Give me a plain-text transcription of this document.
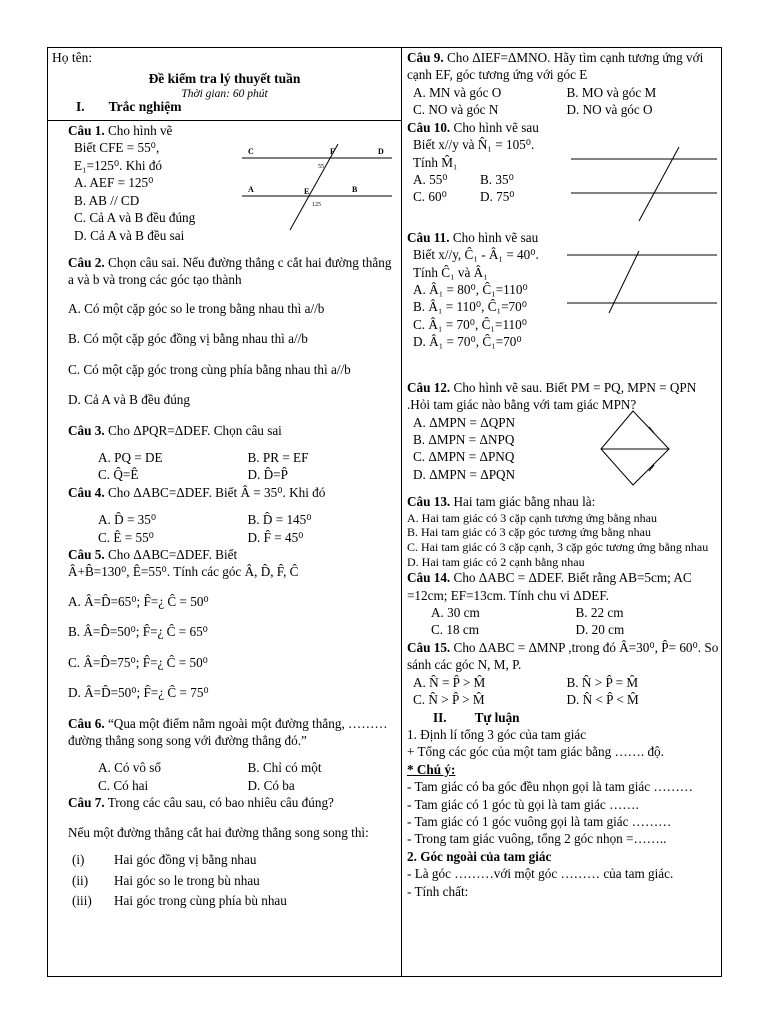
Họ tên:
Đề kiểm tra lý thuyết tuần
Thời gian: 60 phút
I. Trắc nghiệm
Câu 1. Cho hình vẽ
Biết CFE = 55⁰,
E₁=125⁰. Khi đó
A. AEF = 125⁰
B. AB // CD
C. Cả A và B đều đúng
D. Cả A và B đều sai
C	F	D
A	E	B
55
125
Câu 2. Chọn câu sai. Nếu đường thẳng c cắt hai đường thẳng a và b và trong các góc tạo thành
A. Có một cặp góc so le trong bằng nhau thì a//b
B. Có một cặp góc đồng vị bằng nhau thì a//b
C. Có một cặp góc trong cùng phía bằng nhau thì a//b
D. Cả A và B đều đúng
Câu 3. Cho ΔPQR=ΔDEF. Chọn câu sai
A. PQ = DE	B. PR = EF
C. Q̂=Ê	D. D̂=P̂
Câu 4. Cho ΔABC=ΔDEF. Biết Â = 35⁰. Khi đó
A. D̂ = 35⁰	B. D̂ = 145⁰
C. Ê = 55⁰	D. F̂ = 45⁰
Câu 5. Cho ΔABC=ΔDEF. Biết
Â+B̂=130⁰, Ê=55⁰. Tính các góc Â, D̂, F̂, Ĉ
A. Â=D̂=65⁰; F̂=¿ Ĉ = 50⁰
B. Â=D̂=50⁰; F̂=¿ Ĉ = 65⁰
C. Â=D̂=75⁰; F̂=¿ Ĉ = 50⁰
D. Â=D̂=50⁰; F̂=¿ Ĉ = 75⁰
Câu 6. “Qua một điểm nằm ngoài một đường thẳng, ……… đường thẳng song song với đường thẳng đó.”
A. Có vô số	B. Chỉ có một
C. Có hai	D. Có ba
Câu 7. Trong các câu sau, có bao nhiêu câu đúng?
Nếu một đường thẳng cắt hai đường thẳng song song thì:
(i)	Hai góc đồng vị bằng nhau
(ii)	Hai góc so le trong bù nhau
(iii)	Hai góc trong cùng phía bù nhau
Câu 9. Cho ΔIEF=ΔMNO. Hãy tìm cạnh tương ứng với cạnh EF, góc tương ứng với góc E
A. MN và góc O	B. MO và góc M
C. NO và góc N	D. NO và góc O
Câu 10. Cho hình vẽ sau
Biết x//y và N̂₁ = 105⁰.
Tính M̂₁
A. 55⁰	B. 35⁰
C. 60⁰	D. 75⁰
Câu 11. Cho hình vẽ sau
Biết x//y, Ĉ₁ - Â₁ = 40⁰.
Tính Ĉ₁ và Â₁
A. Â₁ = 80⁰, Ĉ₁=110⁰
B. Â₁ = 110⁰, Ĉ₁=70⁰
C. Â₁ = 70⁰, Ĉ₁=110⁰
D. Â₁ = 70⁰, Ĉ₁=70⁰
Câu 12. Cho hình vẽ sau. Biết PM = PQ, MPN = QPN .Hỏi tam giác nào bằng với tam giác MPN?
A. ΔMPN = ΔQPN
B. ΔMPN = ΔNPQ
C. ΔMPN = ΔPNQ
D. ΔMPN = ΔPQN
Câu 13. Hai tam giác bằng nhau là:
A. Hai tam giác có 3 cặp cạnh tương ứng bằng nhau
B. Hai tam giác có 3 cặp góc tương ứng bằng nhau
C. Hai tam giác có 3 cặp cạnh, 3 cặp góc tương ứng bằng nhau
D. Hai tam giác có 2 cạnh bằng nhau
Câu 14. Cho ΔABC = ΔDEF. Biết rằng AB=5cm; AC =12cm; EF=13cm. Tính chu vi ΔDEF.
A. 30 cm	B. 22 cm
C. 18 cm	D. 20 cm
Câu 15. Cho ΔABC = ΔMNP ,trong đó Â=30⁰, P̂= 60⁰. So sánh các góc N, M, P.
A. N̂ = P̂ > M̂	B. N̂ > P̂ = M̂
C. N̂ > P̂ > M̂	D. N̂ < P̂ < M̂
II. Tự luận
1. Định lí tổng 3 góc của tam giác
+ Tổng các góc của một tam giác bằng ……. độ.
* Chú ý:
- Tam giác có ba góc đều nhọn gọi là tam giác ………
- Tam giác có 1 góc tù gọi là tam giác …….
- Tam giác có 1 góc vuông gọi là tam giác ………
- Trong tam giác vuông, tổng 2 góc nhọn =……..
2. Góc ngoài của tam giác
- Là góc ………với một góc ……… của tam giác.
- Tính chất:
